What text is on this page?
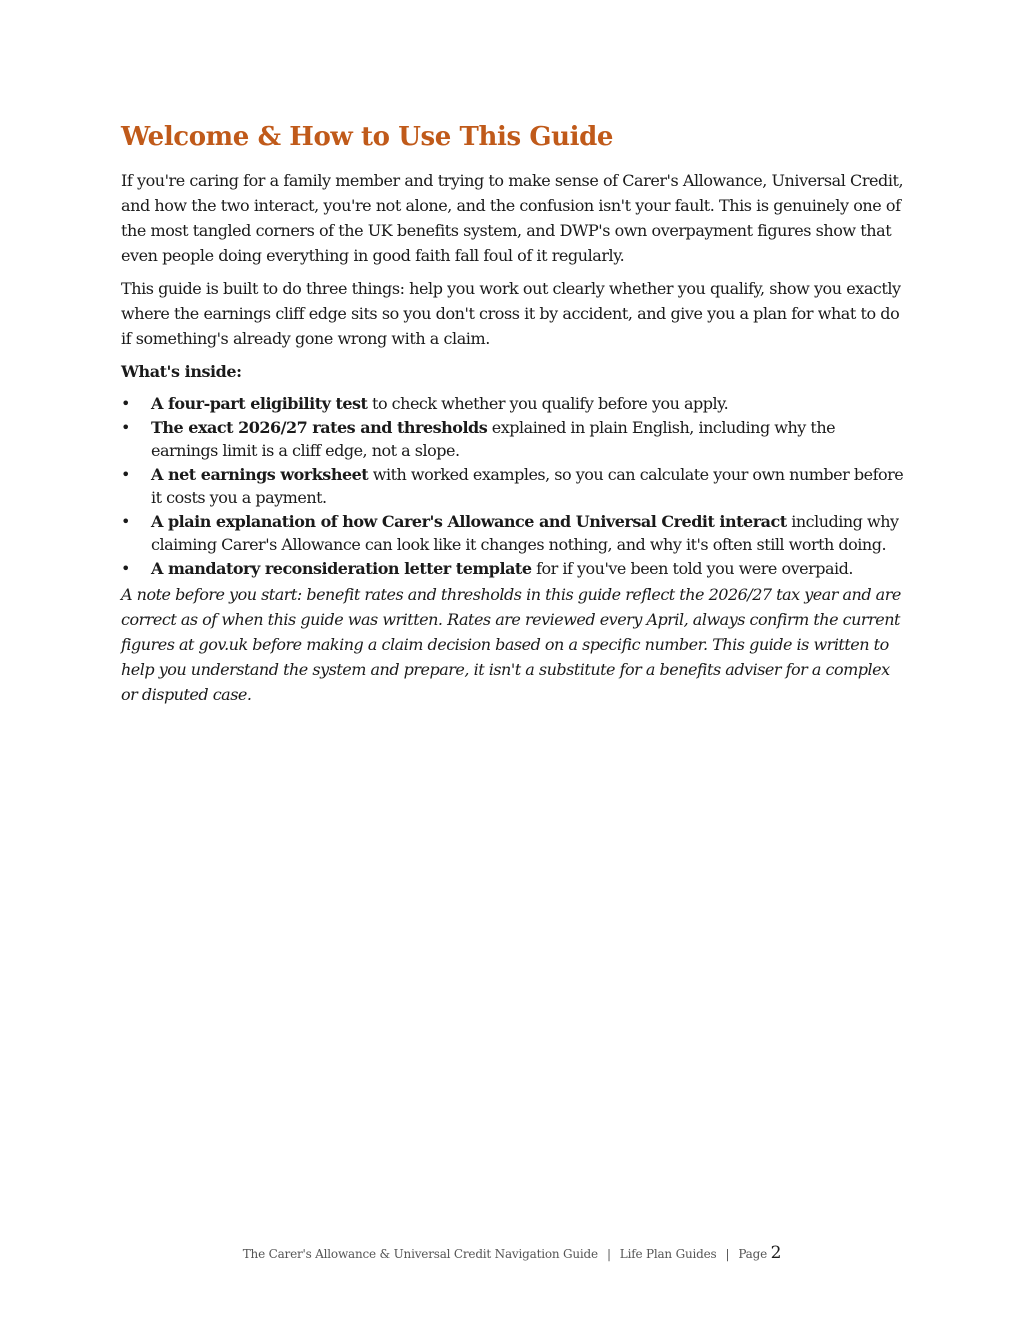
Welcome & How to Use This Guide

If you're caring for a family member and trying to make sense of Carer's Allowance, Universal Credit, and how the two interact, you're not alone, and the confusion isn't your fault. This is genuinely one of the most tangled corners of the UK benefits system, and DWP's own overpayment figures show that even people doing everything in good faith fall foul of it regularly.

This guide is built to do three things: help you work out clearly whether you qualify, show you exactly where the earnings cliff edge sits so you don't cross it by accident, and give you a plan for what to do if something's already gone wrong with a claim.

What's inside:

• A four-part eligibility test to check whether you qualify before you apply.
• The exact 2026/27 rates and thresholds explained in plain English, including why the earnings limit is a cliff edge, not a slope.
• A net earnings worksheet with worked examples, so you can calculate your own number before it costs you a payment.
• A plain explanation of how Carer's Allowance and Universal Credit interact including why claiming Carer's Allowance can look like it changes nothing, and why it's often still worth doing.
• A mandatory reconsideration letter template for if you've been told you were overpaid.

A note before you start: benefit rates and thresholds in this guide reflect the 2026/27 tax year and are correct as of when this guide was written. Rates are reviewed every April, always confirm the current figures at gov.uk before making a claim decision based on a specific number. This guide is written to help you understand the system and prepare, it isn't a substitute for a benefits adviser for a complex or disputed case.

The Carer's Allowance & Universal Credit Navigation Guide | Life Plan Guides | Page 2
